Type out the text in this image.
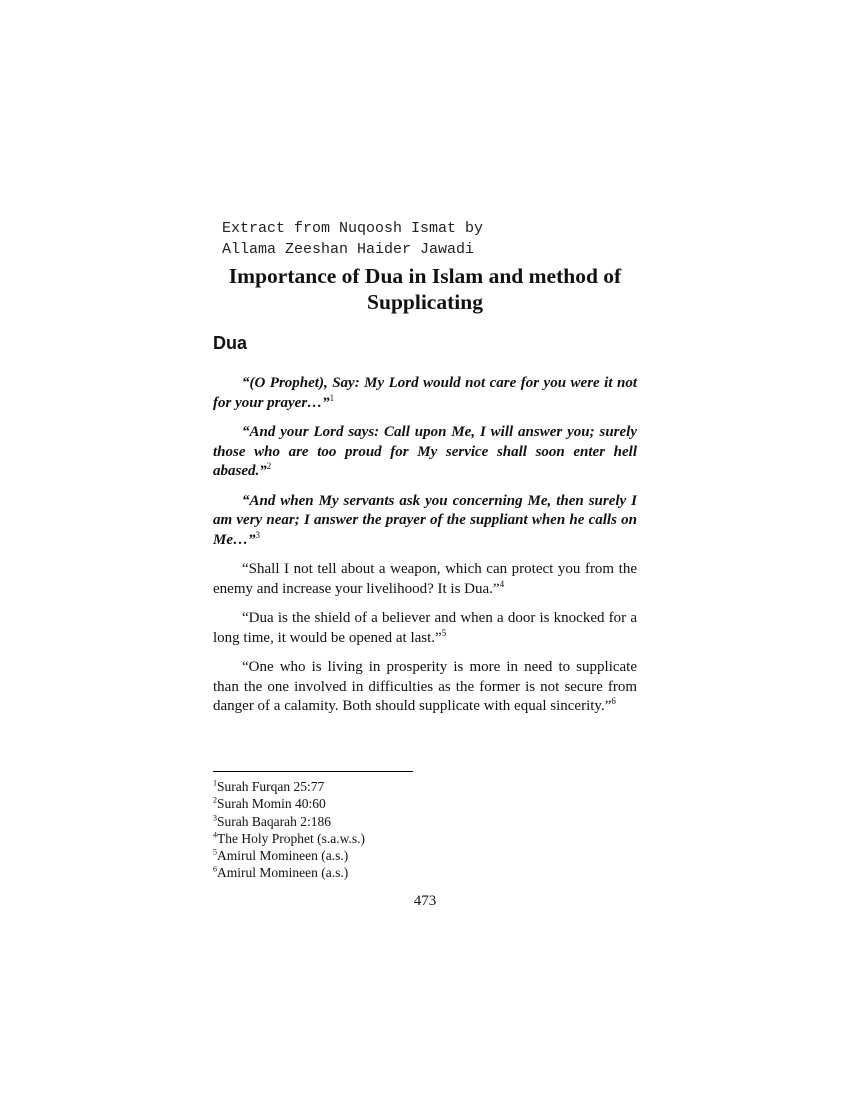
Extract from Nuqoosh Ismat by
Allama Zeeshan Haider Jawadi
Importance of Dua in Islam and method of Supplicating
Dua

“(O Prophet), Say: My Lord would not care for you were it not for your prayer…”$^1$

“And your Lord says: Call upon Me, I will answer you; surely those who are too proud for My service shall soon enter hell abased.”$^2$

“And when My servants ask you concerning Me, then surely I am very near; I answer the prayer of the suppliant when he calls on Me…”$^3$

“Shall I not tell about a weapon, which can protect you from the enemy and increase your livelihood? It is Dua.”$^4$

“Dua is the shield of a believer and when a door is knocked for a long time, it would be opened at last.”$^5$

“One who is living in prosperity is more in need to supplicate than the one involved in difficulties as the former is not secure from danger of a calamity. Both should supplicate with equal sincerity.”$^6$

$^1$Surah Furqan 25:77
$^2$Surah Momin 40:60
$^3$Surah Baqarah 2:186
$^4$The Holy Prophet (s.a.w.s.)
$^5$Amirul Momineen (a.s.)
$^6$Amirul Momineen (a.s.)
473
